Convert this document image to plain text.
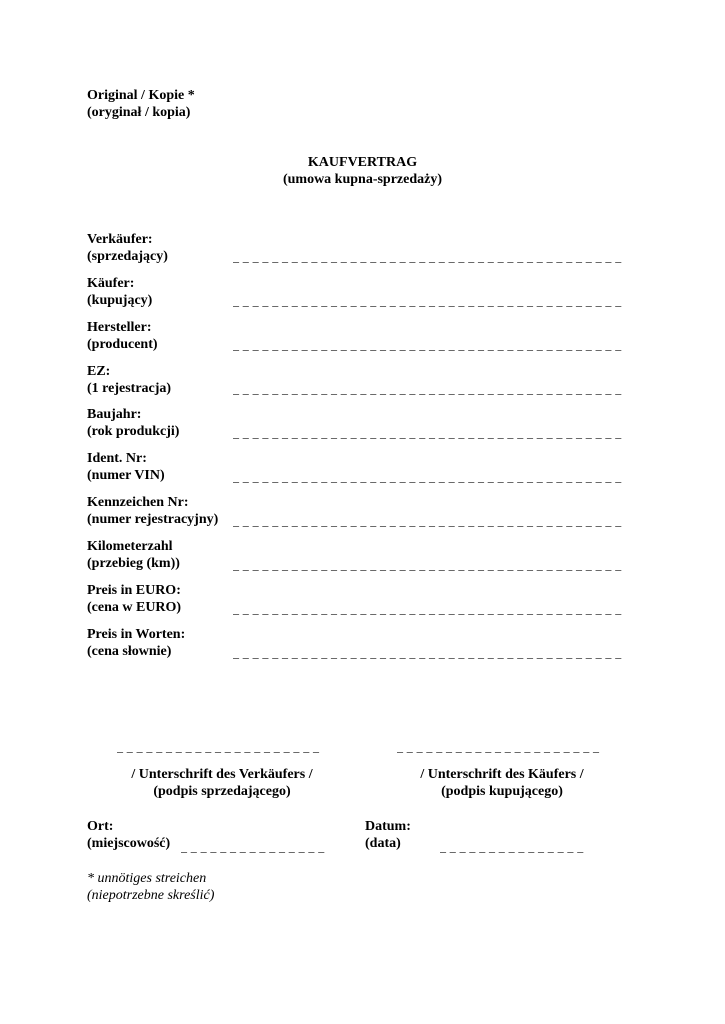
Original / Kopie *
(oryginał / kopia)
KAUFVERTRAG
(umowa kupna-sprzedaży)
Verkäufer:
(sprzedający)	_ _ _ _ _ _ _ _ _ _ _ _ _ _ _ _ _ _ _ _ _ _ _ _ _ _ _ _ _ _ _ _ _ _ _ _ _ _ _ _
Käufer:
(kupujący)	_ _ _ _ _ _ _ _ _ _ _ _ _ _ _ _ _ _ _ _ _ _ _ _ _ _ _ _ _ _ _ _ _ _ _ _ _ _ _ _
Hersteller:
(producent)	_ _ _ _ _ _ _ _ _ _ _ _ _ _ _ _ _ _ _ _ _ _ _ _ _ _ _ _ _ _ _ _ _ _ _ _ _ _ _ _
EZ:
(1 rejestracja)	_ _ _ _ _ _ _ _ _ _ _ _ _ _ _ _ _ _ _ _ _ _ _ _ _ _ _ _ _ _ _ _ _ _ _ _ _ _ _ _
Baujahr:
(rok produkcji)	_ _ _ _ _ _ _ _ _ _ _ _ _ _ _ _ _ _ _ _ _ _ _ _ _ _ _ _ _ _ _ _ _ _ _ _ _ _ _ _
Ident. Nr:
(numer VIN)	_ _ _ _ _ _ _ _ _ _ _ _ _ _ _ _ _ _ _ _ _ _ _ _ _ _ _ _ _ _ _ _ _ _ _ _ _ _ _ _
Kennzeichen Nr:
(numer rejestracyjny)	_ _ _ _ _ _ _ _ _ _ _ _ _ _ _ _ _ _ _ _ _ _ _ _ _ _ _ _ _ _ _ _ _ _ _ _ _ _ _ _
Kilometerzahl
(przebieg (km))	_ _ _ _ _ _ _ _ _ _ _ _ _ _ _ _ _ _ _ _ _ _ _ _ _ _ _ _ _ _ _ _ _ _ _ _ _ _ _ _
Preis in EURO:
(cena w EURO)	_ _ _ _ _ _ _ _ _ _ _ _ _ _ _ _ _ _ _ _ _ _ _ _ _ _ _ _ _ _ _ _ _ _ _ _ _ _ _ _
Preis in Worten:
(cena słownie)	_ _ _ _ _ _ _ _ _ _ _ _ _ _ _ _ _ _ _ _ _ _ _ _ _ _ _ _ _ _ _ _ _ _ _ _ _ _ _ _
_ _ _ _ _ _ _ _ _ _ _ _ _ _ _ _ _ _ _ _ _	_ _ _ _ _ _ _ _ _ _ _ _ _ _ _ _ _ _ _ _ _
/ Unterschrift des Verkäufers /
(podpis sprzedającego)
/ Unterschrift des Käufers /
(podpis kupującego)
Ort:
(miejscowość) _ _ _ _ _ _ _ _ _ _ _ _ _ _ _
Datum:
(data)	_ _ _ _ _ _ _ _ _ _ _ _ _ _ _
* unnötiges streichen
(niepotrzebne skreślić)
